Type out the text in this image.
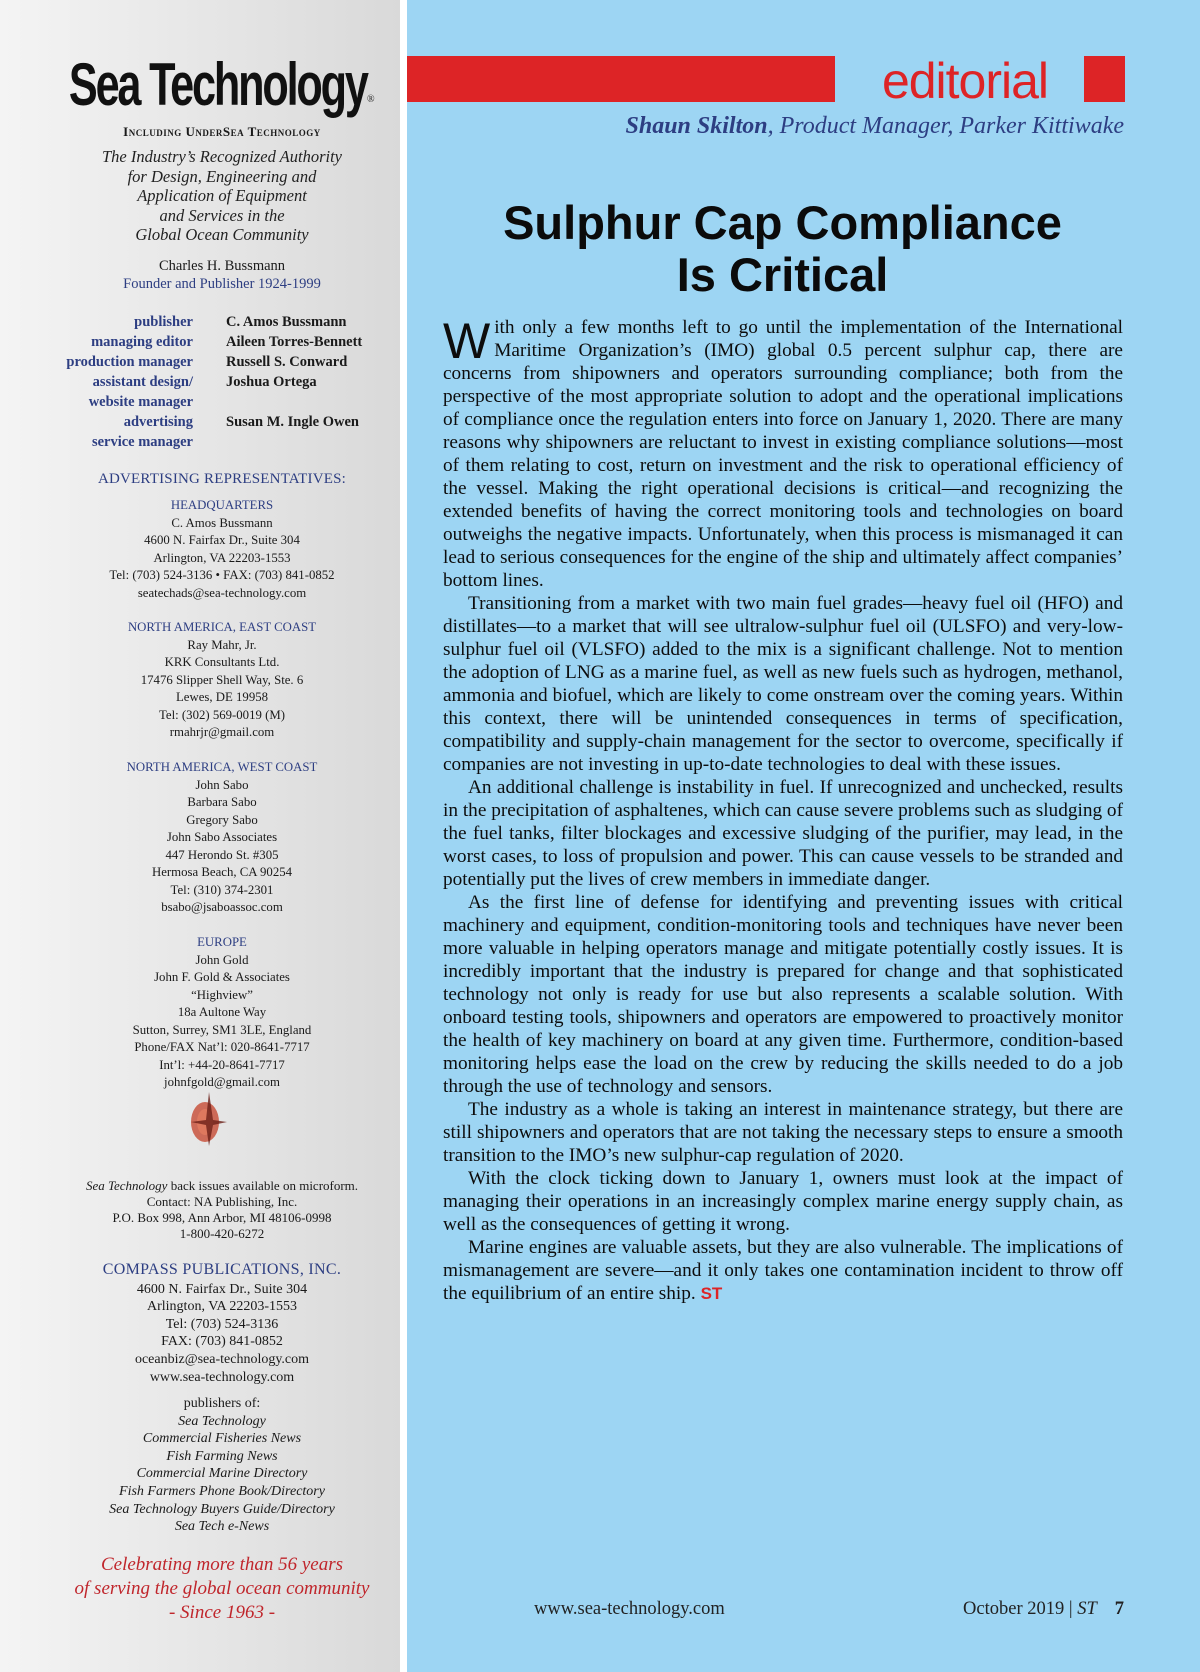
Sea Technology$_®$
Including UnderSea Technology
The Industry’s Recognized Authority
for Design, Engineering and
Application of Equipment
and Services in the
Global Ocean Community
Charles H. Bussmann
Founder and Publisher 1924-1999
publisher C. Amos Bussmann
managing editor Aileen Torres-Bennett
production manager Russell S. Conward
assistant design/ Joshua Ortega
website manager
advertising Susan M. Ingle Owen
service manager
ADVERTISING REPRESENTATIVES:
HEADQUARTERS
C. Amos Bussmann
4600 N. Fairfax Dr., Suite 304
Arlington, VA 22203-1553
Tel: (703) 524-3136 • FAX: (703) 841-0852
seatechads@sea-technology.com
NORTH AMERICA, EAST COAST
Ray Mahr, Jr.
KRK Consultants Ltd.
17476 Slipper Shell Way, Ste. 6
Lewes, DE 19958
Tel: (302) 569-0019 (M)
rmahrjr@gmail.com
NORTH AMERICA, WEST COAST
John Sabo
Barbara Sabo
Gregory Sabo
John Sabo Associates
447 Herondo St. #305
Hermosa Beach, CA 90254
Tel: (310) 374-2301
bsabo@jsaboassoc.com
EUROPE
John Gold
John F. Gold & Associates
“Highview”
18a Aultone Way
Sutton, Surrey, SM1 3LE, England
Phone/FAX Nat’l: 020-8641-7717
Int’l: +44-20-8641-7717
johnfgold@gmail.com
Sea Technology back issues available on microform.
Contact: NA Publishing, Inc.
P.O. Box 998, Ann Arbor, MI 48106-0998
1-800-420-6272
COMPASS PUBLICATIONS, INC.
4600 N. Fairfax Dr., Suite 304
Arlington, VA 22203-1553
Tel: (703) 524-3136
FAX: (703) 841-0852
oceanbiz@sea-technology.com
www.sea-technology.com
publishers of:
Sea Technology
Commercial Fisheries News
Fish Farming News
Commercial Marine Directory
Fish Farmers Phone Book/Directory
Sea Technology Buyers Guide/Directory
Sea Tech e-News
Celebrating more than 56 years
of serving the global ocean community
- Since 1963 -
editorial
Shaun Skilton, Product Manager, Parker Kittiwake
Sulphur Cap Compliance
Is Critical

With only a few months left to go until the implementation of the International Maritime Organization’s (IMO) global 0.5 percent sulphur cap, there are concerns from shipowners and operators surrounding compliance; both from the perspective of the most appropriate solution to adopt and the operational implications of compliance once the regulation enters into force on January 1, 2020. There are many reasons why shipowners are reluctant to invest in existing compliance solutions—most of them relating to cost, return on investment and the risk to operational efficiency of the vessel. Making the right operational decisions is critical—and recognizing the extended benefits of having the correct monitoring tools and technologies on board outweighs the negative impacts. Unfortunately, when this process is mismanaged it can lead to serious consequences for the engine of the ship and ultimately affect companies’ bottom lines.

Transitioning from a market with two main fuel grades—heavy fuel oil (HFO) and distillates—to a market that will see ultralow-sulphur fuel oil (ULSFO) and very-low-sulphur fuel oil (VLSFO) added to the mix is a significant challenge. Not to mention the adoption of LNG as a marine fuel, as well as new fuels such as hydrogen, methanol, ammonia and biofuel, which are likely to come onstream over the coming years. Within this context, there will be unintended consequences in terms of specification, compatibility and supply-chain management for the sector to overcome, specifically if companies are not investing in up-to-date technologies to deal with these issues.

An additional challenge is instability in fuel. If unrecognized and unchecked, results in the precipitation of asphaltenes, which can cause severe problems such as sludging of the fuel tanks, filter blockages and excessive sludging of the purifier, may lead, in the worst cases, to loss of propulsion and power. This can cause vessels to be stranded and potentially put the lives of crew members in immediate danger.

As the first line of defense for identifying and preventing issues with critical machinery and equipment, condition-monitoring tools and techniques have never been more valuable in helping operators manage and mitigate potentially costly issues. It is incredibly important that the industry is prepared for change and that sophisticated technology not only is ready for use but also represents a scalable solution. With onboard testing tools, shipowners and operators are empowered to proactively monitor the health of key machinery on board at any given time. Furthermore, condition-based monitoring helps ease the load on the crew by reducing the skills needed to do a job through the use of technology and sensors.

The industry as a whole is taking an interest in maintenance strategy, but there are still shipowners and operators that are not taking the necessary steps to ensure a smooth transition to the IMO’s new sulphur-cap regulation of 2020.

With the clock ticking down to January 1, owners must look at the impact of managing their operations in an increasingly complex marine energy supply chain, as well as the consequences of getting it wrong.

Marine engines are valuable assets, but they are also vulnerable. The implications of mismanagement are severe—and it only takes one contamination incident to throw off the equilibrium of an entire ship. ST

www.sea-technology.com	October 2019 | ST 7
